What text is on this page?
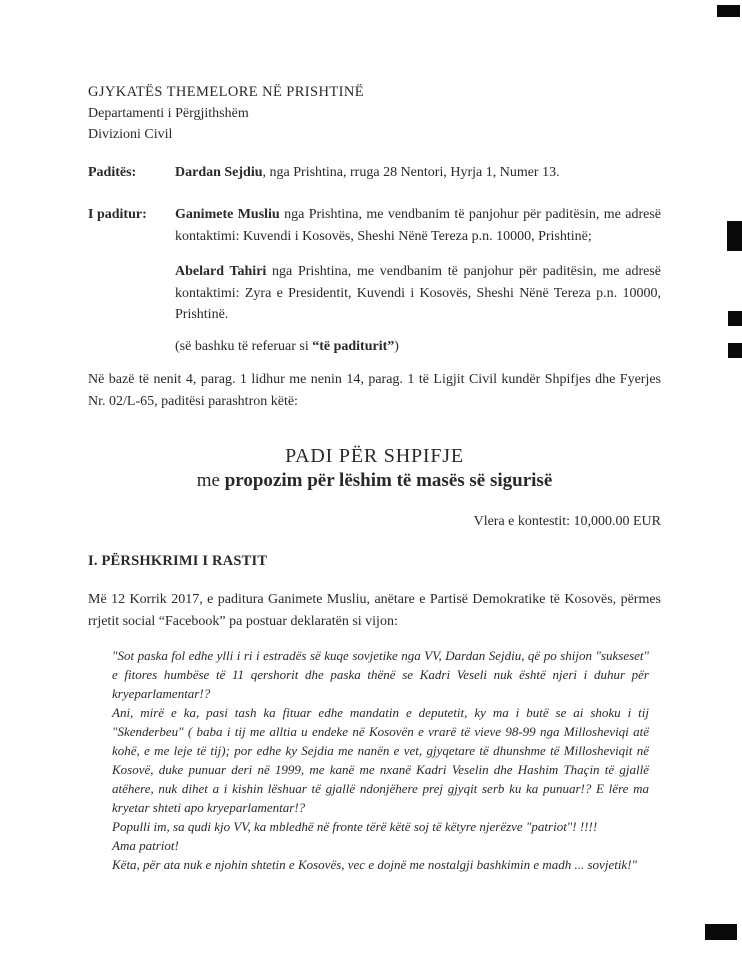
GJYKATËS THEMELORE NË PRISHTINË
Departamenti i Përgjithshëm
Divizioni Civil
Paditës:	Dardan Sejdiu, nga Prishtina, rruga 28 Nentori, Hyrja 1, Numer 13.

I paditur:	Ganimete Musliu nga Prishtina, me vendbanim të panjohur për paditësin, me adresë kontaktimi: Kuvendi i Kosovës, Sheshi Nënë Tereza p.n. 10000, Prishtinë;

Abelard Tahiri nga Prishtina, me vendbanim të panjohur për paditësin, me adresë kontaktimi: Zyra e Presidentit, Kuvendi i Kosovës, Sheshi Nënë Tereza p.n. 10000, Prishtinë.

(së bashku të referuar si “të paditurit”)

Në bazë të nenit 4, parag. 1 lidhur me nenin 14, parag. 1 të Ligjit Civil kundër Shpifjes dhe Fyerjes Nr. 02/L-65, paditësi parashtron këtë:

PADI PËR SHPIFJE
me propozim për lëshim të masës së sigurisë
Vlera e kontestit: 10,000.00 EUR
I. PËRSHKRIMI I RASTIT

Më 12 Korrik 2017, e paditura Ganimete Musliu, anëtare e Partisë Demokratike të Kosovës, përmes rrjetit social “Facebook” pa postuar deklaratën si vijon:

"Sot paska fol edhe ylli i ri i estradës së kuqe sovjetike nga VV, Dardan Sejdiu, që po shijon "sukseset" e fitores humbëse të 11 qershorit dhe paska thënë se Kadri Veseli nuk është njeri i duhur për kryeparlamentar!?

Ani, mirë e ka, pasi tash ka fituar edhe mandatin e deputetit, ky ma i butë se ai shoku i tij "Skenderbeu" ( baba i tij me alltia u endeke në Kosovën e vrarë të vieve 98-99 nga Millosheviqi atë kohë, e me leje të tij); por edhe ky Sejdia me nanën e vet, gjyqetare të dhunshme të Millosheviqit në Kosovë, duke punuar deri në 1999, me kanë me nxanë Kadri Veselin dhe Hashim Thaçin të gjallë atëhere, nuk dihet a i kishin lëshuar të gjallë ndonjëhere prej gjyqit serb ku ka punuar!? E lëre ma kryetar shteti apo kryeparlamentar!?

Populli im, sa qudi kjo VV, ka mbledhë në fronte tërë këtë soj të këtyre njerëzve "patriot"! !!!!

Ama patriot!

Këta, për ata nuk e njohin shtetin e Kosovës, vec e dojnë me nostalgji bashkimin e madh ... sovjetik!"
